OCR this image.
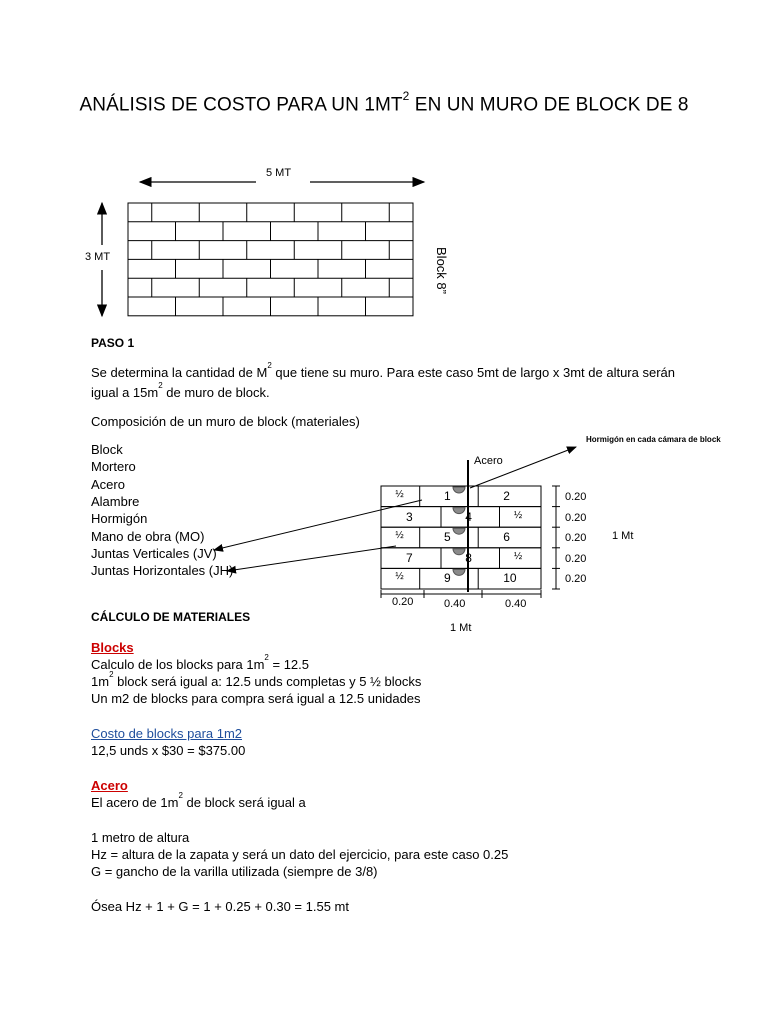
ANÁLISIS DE COSTO PARA UN $1MT^2$ EN UN MURO DE BLOCK DE 8
5 MT
3 MT	Block 8”
PASO 1
Se determina la cantidad de $M^2$ que tiene su muro. Para este caso 5mt de largo x 3mt de altura serán
igual a $15m^2$ de muro de block.
Composición de un muro de block (materiales)
Block
Mortero
Acero
Alambre
Hormigón
Mano de obra (MO)
Juntas Verticales (JV)
Juntas Horizontales (JH)
Acero
Hormigón en cada cámara de block
½	1	2
3	4	½
½	5	6
7	8	½
½	9	10
0.20
0.20
0.20
0.20
0.20
1 Mt
0.20	0.40	0.40
1 Mt
CÁLCULO DE MATERIALES
Blocks
Calculo de los blocks para $1m^2 = 12.5$
$1m^2$ block será igual a: 12.5 unds completas y 5 ½ blocks
Un m2 de blocks para compra será igual a 12.5 unidades
Costo de blocks para 1m2
12,5 unds x $30 = $375.00
Acero
El acero de $1m^2$ de block será igual a
1 metro de altura
Hz = altura de la zapata y será un dato del ejercicio, para este caso 0.25
G = gancho de la varilla utilizada (siempre de 3/8)
Ósea Hz + 1 + G = 1 + 0.25 + 0.30 = 1.55 mt
